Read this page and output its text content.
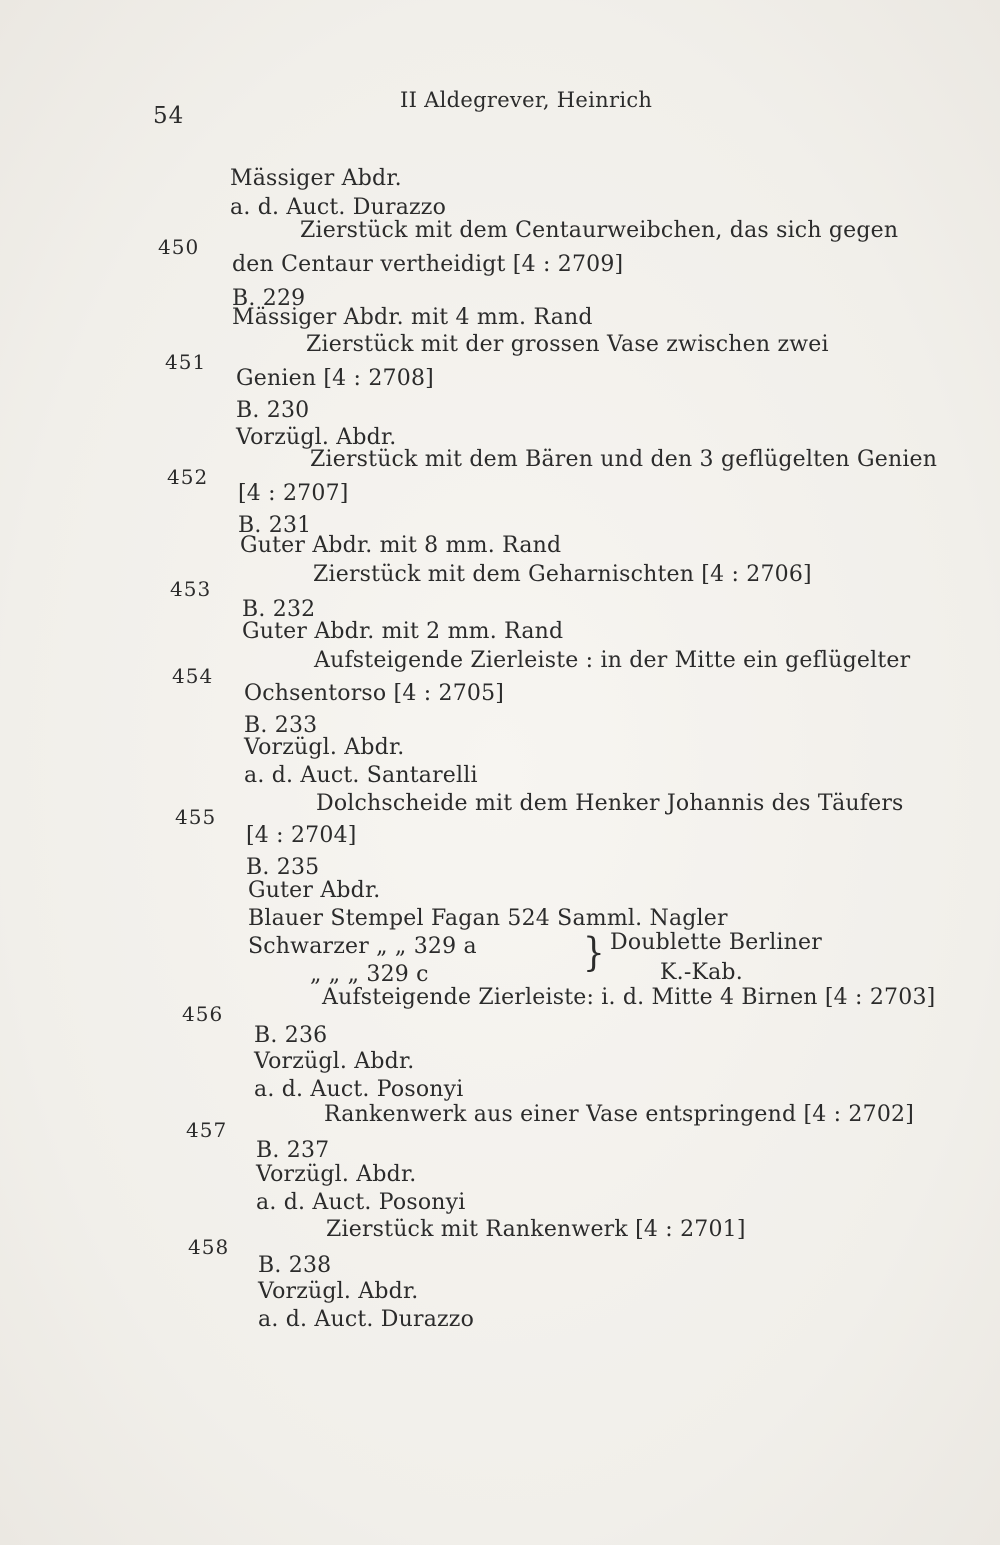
54
II Aldegrever, Heinrich
Mässiger Abdr.
a. d. Auct. Durazzo
450
Zierstück mit dem Centaurweibchen, das sich gegen
den Centaur vertheidigt [4 : 2709]
B. 229
Mässiger Abdr. mit 4 mm. Rand
451
Zierstück mit der grossen Vase zwischen zwei
Genien [4 : 2708]
B. 230
Vorzügl. Abdr.
452
Zierstück mit dem Bären und den 3 geflügelten Genien
[4 : 2707]
B. 231
Guter Abdr. mit 8 mm. Rand
453
Zierstück mit dem Geharnischten [4 : 2706]
B. 232
Guter Abdr. mit 2 mm. Rand
454
Aufsteigende Zierleiste : in der Mitte ein geflügelter
Ochsentorso [4 : 2705]
B. 233
Vorzügl. Abdr.
a. d. Auct. Santarelli
455
Dolchscheide mit dem Henker Johannis des Täufers
[4 : 2704]
B. 235
Guter Abdr.
Blauer Stempel Fagan 524 Samml. Nagler
Schwarzer „ „ 329 a	} Doublette Berliner
„ „ „ 329 c	K.-Kab.
456
Aufsteigende Zierleiste: i. d. Mitte 4 Birnen [4 : 2703]
B. 236
Vorzügl. Abdr.
a. d. Auct. Posonyi
457
Rankenwerk aus einer Vase entspringend [4 : 2702]
B. 237
Vorzügl. Abdr.
a. d. Auct. Posonyi
458
Zierstück mit Rankenwerk [4 : 2701]
B. 238
Vorzügl. Abdr.
a. d. Auct. Durazzo
